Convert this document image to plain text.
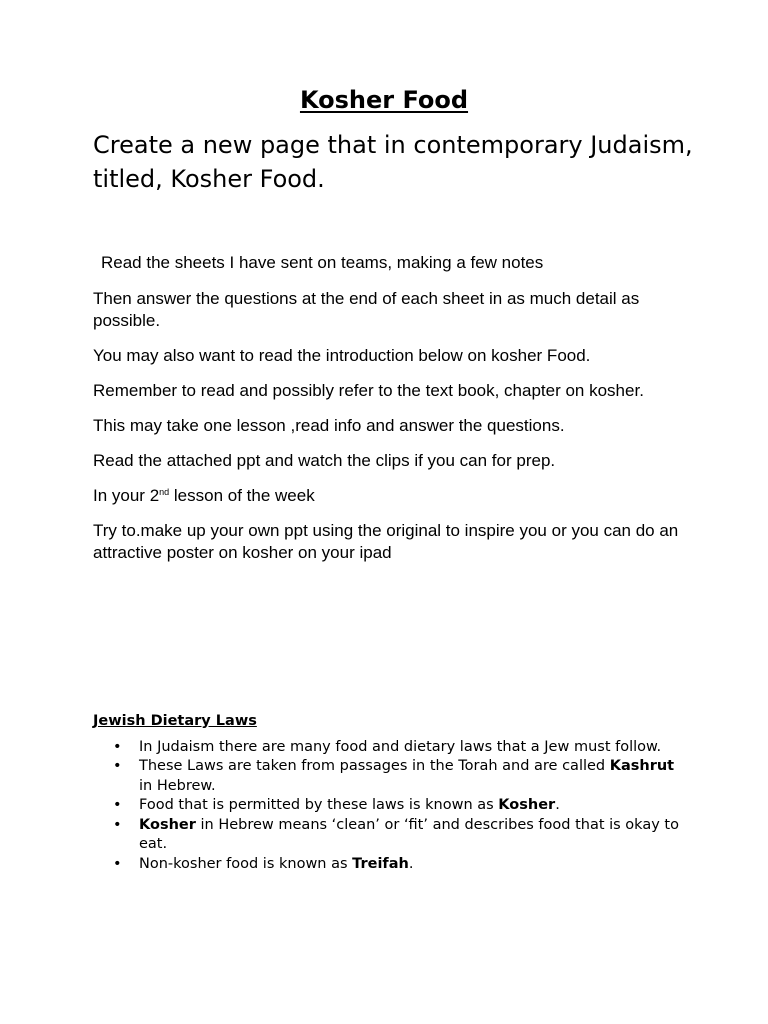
Kosher Food
Create a new page that in contemporary Judaism, titled, Kosher Food.

Read the sheets I have sent on teams, making a few notes

Then answer the questions at the end of each sheet in as much detail as possible.

You may also want to read the introduction below on kosher Food.

Remember to read and possibly refer to the text book, chapter on kosher.

This may take one lesson ,read info and answer the questions.

Read the attached ppt and watch the clips if you can for prep.

In your 2nd lesson of the week

Try to.make up your own ppt using the original to inspire you or you can do an attractive poster on kosher on your ipad

Jewish Dietary Laws
• In Judaism there are many food and dietary laws that a Jew must follow.
• These Laws are taken from passages in the Torah and are called Kashrut in Hebrew.
• Food that is permitted by these laws is known as Kosher.
• Kosher in Hebrew means ‘clean’ or ‘fit’ and describes food that is okay to eat.
• Non-kosher food is known as Treifah.
